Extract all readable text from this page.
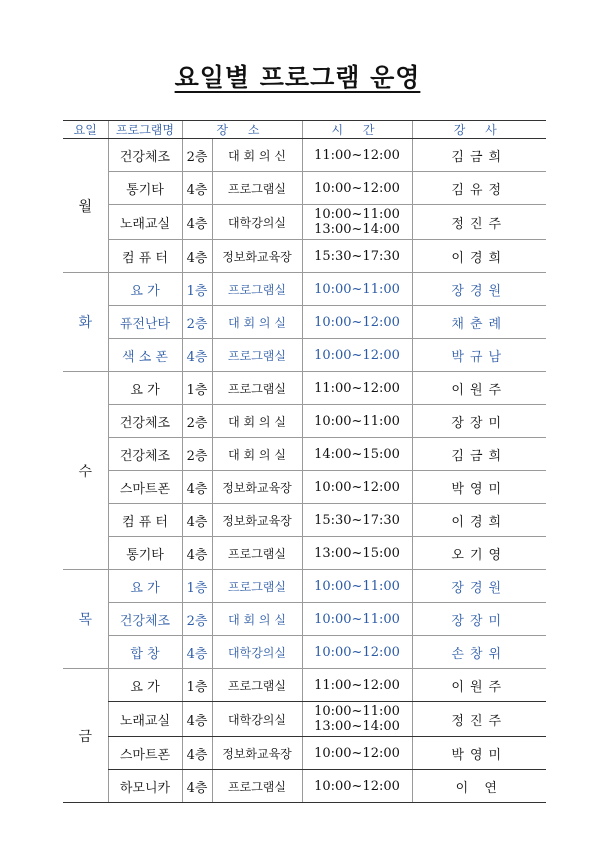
요일별 프로그램 운영
요일	프로그램명	장 소		시 간	강 사
월	건강체조	2층	대 회 의 신	11:00~12:00	김금희
	통기타	4층	프로그램실	10:00~12:00	김유정
	노래교실	4층	대학강의실	10:00~11:00
13:00~14:00	정진주
	컴 퓨 터	4층	정보화교육장	15:30~17:30	이경희
화	요 가	1층	프로그램실	10:00~11:00	장경원
	퓨전난타	2층	대 회 의 실	10:00~12:00	채춘례
	색 소 폰	4층	프로그램실	10:00~12:00	박규남
수	요 가	1층	프로그램실	11:00~12:00	이원주
	건강체조	2층	대 회 의 실	10:00~11:00	장장미
	건강체조	2층	대 회 의 실	14:00~15:00	김금희
	스마트폰	4층	정보화교육장	10:00~12:00	박영미
	컴 퓨 터	4층	정보화교육장	15:30~17:30	이경희
	통기타	4층	프로그램실	13:00~15:00	오기영
목	요 가	1층	프로그램실	10:00~11:00	장경원
	건강체조	2층	대 회 의 실	10:00~11:00	장장미
	합 창	4층	대학강의실	10:00~12:00	손창위
금	요 가	1층	프로그램실	11:00~12:00	이원주
	노래교실	4층	대학강의실	10:00~11:00
13:00~14:00	정진주
	스마트폰	4층	정보화교육장	10:00~12:00	박영미
	하모니카	4층	프로그램실	10:00~12:00	이 연
